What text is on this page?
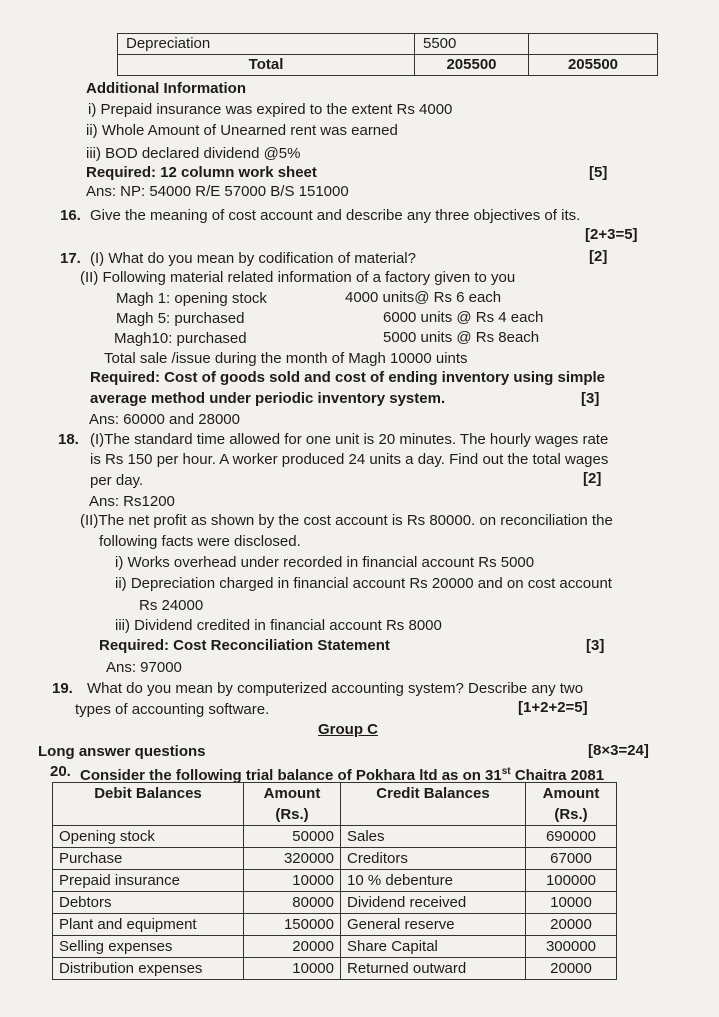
Depreciation	5500	
Total	205500	205500
Additional Information
i) Prepaid insurance was expired to the extent Rs 4000
ii) Whole Amount of Unearned rent was earned
iii) BOD declared dividend @5%
Required: 12 column work sheet	[5]
Ans: NP: 54000 R/E 57000 B/S 151000
16. Give the meaning of cost account and describe any three objectives of its.
[2+3=5]
17. (I) What do you mean by codification of material?	[2]
(II) Following material related information of a factory given to you
Magh 1: opening stock	4000 units@ Rs 6 each
Magh 5: purchased	6000 units @ Rs 4 each
Magh10: purchased	5000 units @ Rs 8each
Total sale /issue during the month of Magh 10000 uints
Required: Cost of goods sold and cost of ending inventory using simple
average method under periodic inventory system.	[3]
Ans: 60000 and 28000
18. (I)The standard time allowed for one unit is 20 minutes. The hourly wages rate
is Rs 150 per hour. A worker produced 24 units a day. Find out the total wages
per day.	[2]
Ans: Rs1200
(II)The net profit as shown by the cost account is Rs 80000. on reconciliation the
following facts were disclosed.
i) Works overhead under recorded in financial account Rs 5000
ii) Depreciation charged in financial account Rs 20000 and on cost account
Rs 24000
iii) Dividend credited in financial account Rs 8000
Required: Cost Reconciliation Statement	[3]
Ans: 97000
19. What do you mean by computerized accounting system? Describe any two
types of accounting software.	[1+2+2=5]
Group C
Long answer questions	[8×3=24]
20. Consider the following trial balance of Pokhara ltd as on 31st Chaitra 2081
Debit Balances	Amount (Rs.)	Credit Balances	Amount (Rs.)
Opening stock	50000	Sales	690000
Purchase	320000	Creditors	67000
Prepaid insurance	10000	10 % debenture	100000
Debtors	80000	Dividend received	10000
Plant and equipment	150000	General reserve	20000
Selling expenses	20000	Share Capital	300000
Distribution expenses	10000	Returned outward	20000
